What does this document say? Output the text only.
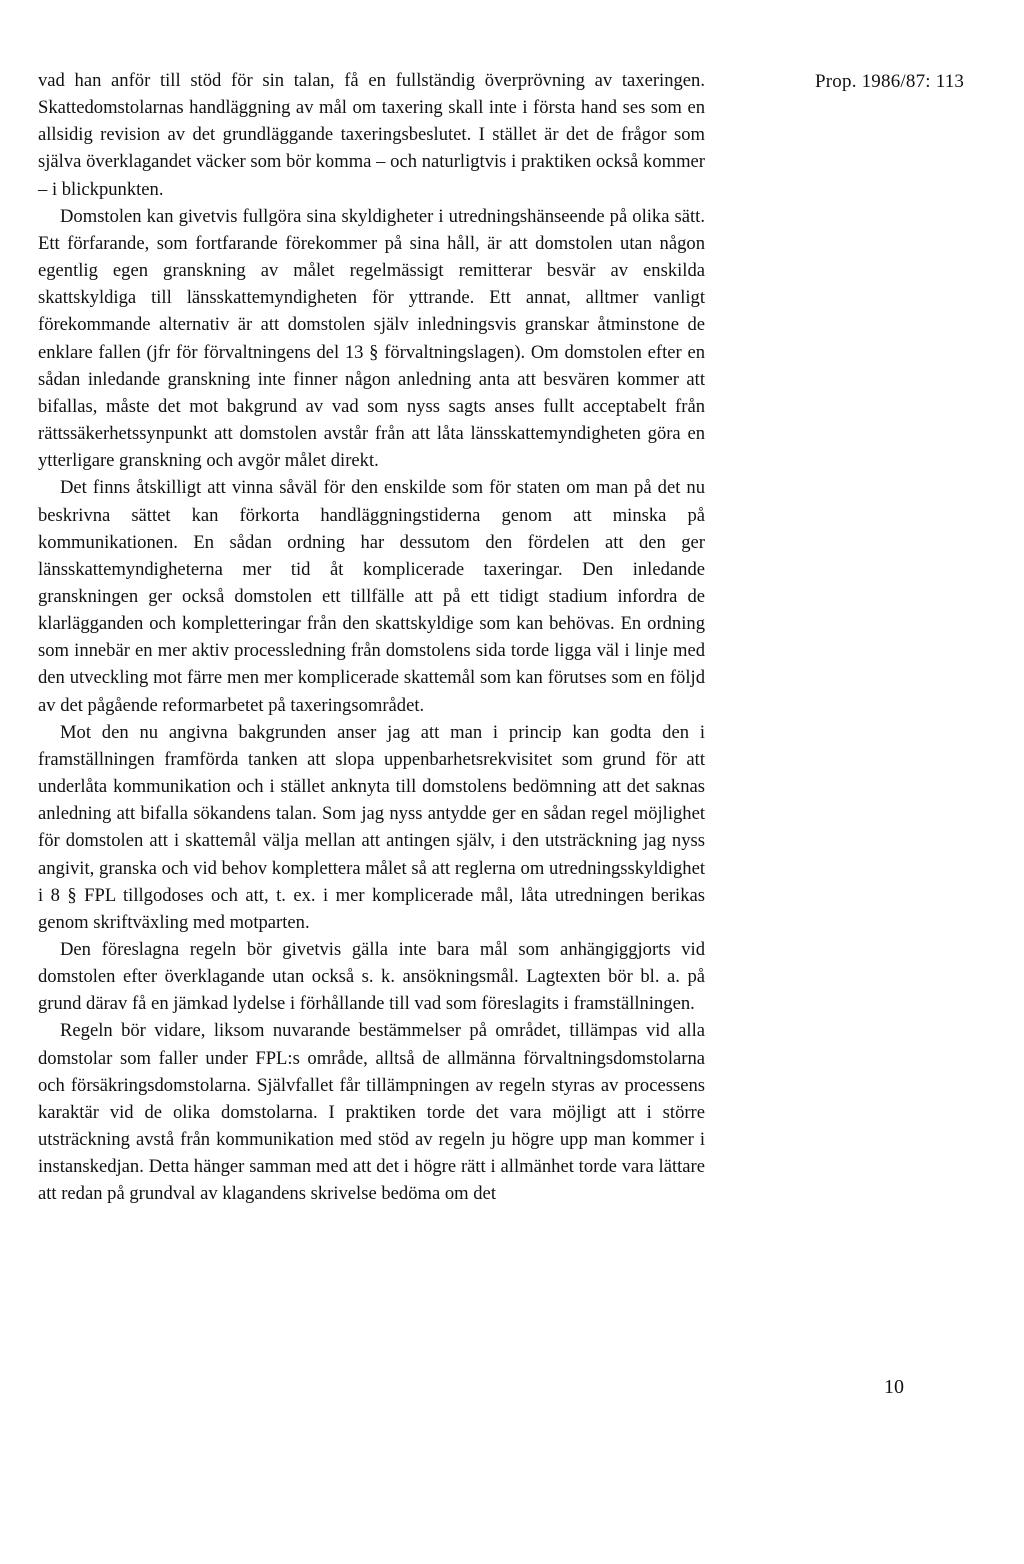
Prop. 1986/87: 113

vad han anför till stöd för sin talan, få en fullständig överprövning av taxeringen. Skattedomstolarnas handläggning av mål om taxering skall inte i första hand ses som en allsidig revision av det grundläggande taxeringsbeslutet. I stället är det de frågor som själva överklagandet väcker som bör komma – och naturligtvis i praktiken också kommer – i blickpunkten.

Domstolen kan givetvis fullgöra sina skyldigheter i utredningshänseende på olika sätt. Ett förfarande, som fortfarande förekommer på sina håll, är att domstolen utan någon egentlig egen granskning av målet regelmässigt remitterar besvär av enskilda skattskyldiga till länsskattemyndigheten för yttrande. Ett annat, alltmer vanligt förekommande alternativ är att domstolen själv inledningsvis granskar åtminstone de enklare fallen (jfr för förvaltningens del 13 § förvaltningslagen). Om domstolen efter en sådan inledande granskning inte finner någon anledning anta att besvären kommer att bifallas, måste det mot bakgrund av vad som nyss sagts anses fullt acceptabelt från rättssäkerhetssynpunkt att domstolen avstår från att låta länsskattemyndigheten göra en ytterligare granskning och avgör målet direkt.

Det finns åtskilligt att vinna såväl för den enskilde som för staten om man på det nu beskrivna sättet kan förkorta handläggningstiderna genom att minska på kommunikationen. En sådan ordning har dessutom den fördelen att den ger länsskattemyndigheterna mer tid åt komplicerade taxeringar. Den inledande granskningen ger också domstolen ett tillfälle att på ett tidigt stadium infordra de klarlägganden och kompletteringar från den skattskyldige som kan behövas. En ordning som innebär en mer aktiv processledning från domstolens sida torde ligga väl i linje med den utveckling mot färre men mer komplicerade skattemål som kan förutses som en följd av det pågående reformarbetet på taxeringsområdet.

Mot den nu angivna bakgrunden anser jag att man i princip kan godta den i framställningen framförda tanken att slopa uppenbarhetsrekvisitet som grund för att underlåta kommunikation och i stället anknyta till domstolens bedömning att det saknas anledning att bifalla sökandens talan. Som jag nyss antydde ger en sådan regel möjlighet för domstolen att i skattemål välja mellan att antingen själv, i den utsträckning jag nyss angivit, granska och vid behov komplettera målet så att reglerna om utredningsskyldighet i 8 § FPL tillgodoses och att, t. ex. i mer komplicerade mål, låta utredningen berikas genom skriftväxling med motparten.

Den föreslagna regeln bör givetvis gälla inte bara mål som anhängiggjorts vid domstolen efter överklagande utan också s. k. ansökningsmål. Lagtexten bör bl. a. på grund därav få en jämkad lydelse i förhållande till vad som föreslagits i framställningen.

Regeln bör vidare, liksom nuvarande bestämmelser på området, tillämpas vid alla domstolar som faller under FPL:s område, alltså de allmänna förvaltningsdomstolarna och försäkringsdomstolarna. Självfallet får tillämpningen av regeln styras av processens karaktär vid de olika domstolarna. I praktiken torde det vara möjligt att i större utsträckning avstå från kommunikation med stöd av regeln ju högre upp man kommer i instanskedjan. Detta hänger samman med att det i högre rätt i allmänhet torde vara lättare att redan på grundval av klagandens skrivelse bedöma om det

10
